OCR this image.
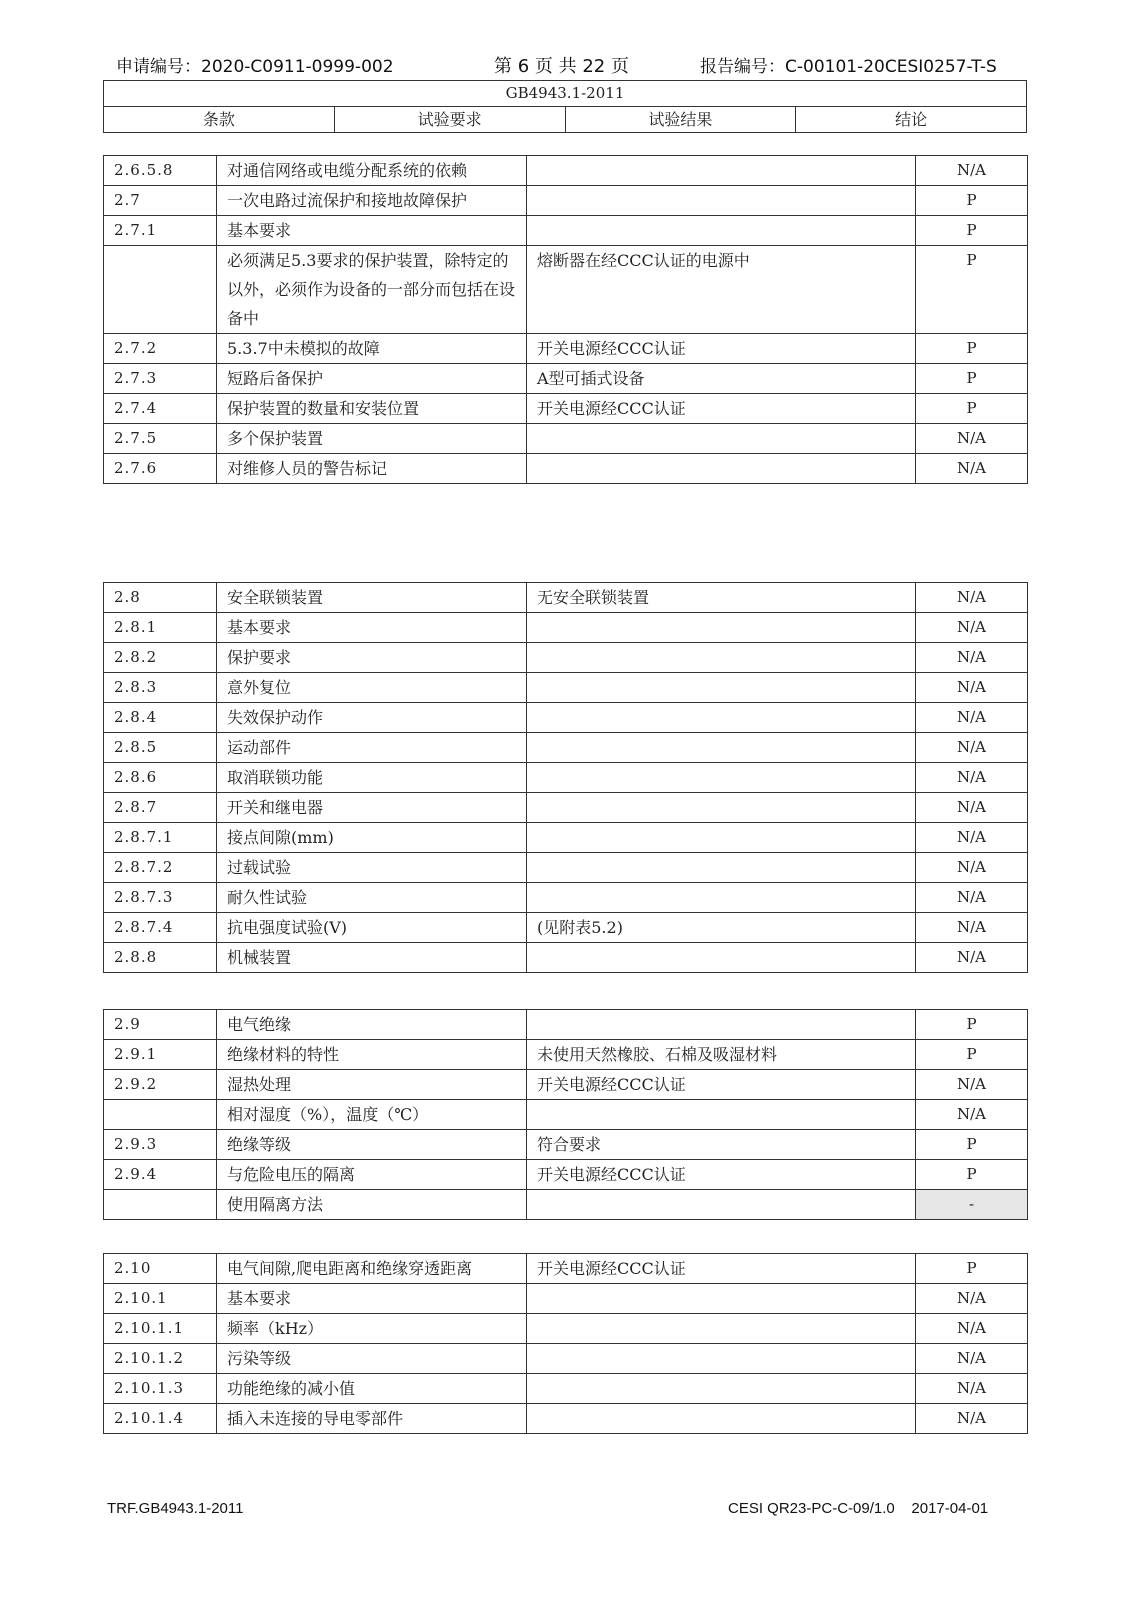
申请编号：2020-C0911-0999-002	第 6 页 共 22 页	报告编号：C-00101-20CESI0257-T-S
GB4943.1-2011
条款	试验要求	试验结果	结论
2.6.5.8	对通信网络或电缆分配系统的依赖		N/A
2.7	一次电路过流保护和接地故障保护		P
2.7.1	基本要求		P
	必须满足5.3要求的保护装置，除特定的以外，必须作为设备的一部分而包括在设备中	熔断器在经CCC认证的电源中	P
2.7.2	5.3.7中未模拟的故障	开关电源经CCC认证	P
2.7.3	短路后备保护	A型可插式设备	P
2.7.4	保护装置的数量和安装位置	开关电源经CCC认证	P
2.7.5	多个保护装置		N/A
2.7.6	对维修人员的警告标记		N/A
2.8	安全联锁装置	无安全联锁装置	N/A
2.8.1	基本要求		N/A
2.8.2	保护要求		N/A
2.8.3	意外复位		N/A
2.8.4	失效保护动作		N/A
2.8.5	运动部件		N/A
2.8.6	取消联锁功能		N/A
2.8.7	开关和继电器		N/A
2.8.7.1	接点间隙(mm)		N/A
2.8.7.2	过载试验		N/A
2.8.7.3	耐久性试验		N/A
2.8.7.4	抗电强度试验(V)	(见附表5.2)	N/A
2.8.8	机械装置		N/A
2.9	电气绝缘		P
2.9.1	绝缘材料的特性	未使用天然橡胶、石棉及吸湿材料	P
2.9.2	湿热处理	开关电源经CCC认证	N/A
	相对湿度（%），温度（℃）		N/A
2.9.3	绝缘等级	符合要求	P
2.9.4	与危险电压的隔离	开关电源经CCC认证	P
	使用隔离方法		-
2.10	电气间隙,爬电距离和绝缘穿透距离	开关电源经CCC认证	P
2.10.1	基本要求		N/A
2.10.1.1	频率（kHz）		N/A
2.10.1.2	污染等级		N/A
2.10.1.3	功能绝缘的减小值		N/A
2.10.1.4	插入未连接的导电零部件		N/A
TRF.GB4943.1-2011	CESI QR23-PC-C-09/1.0 2017-04-01
